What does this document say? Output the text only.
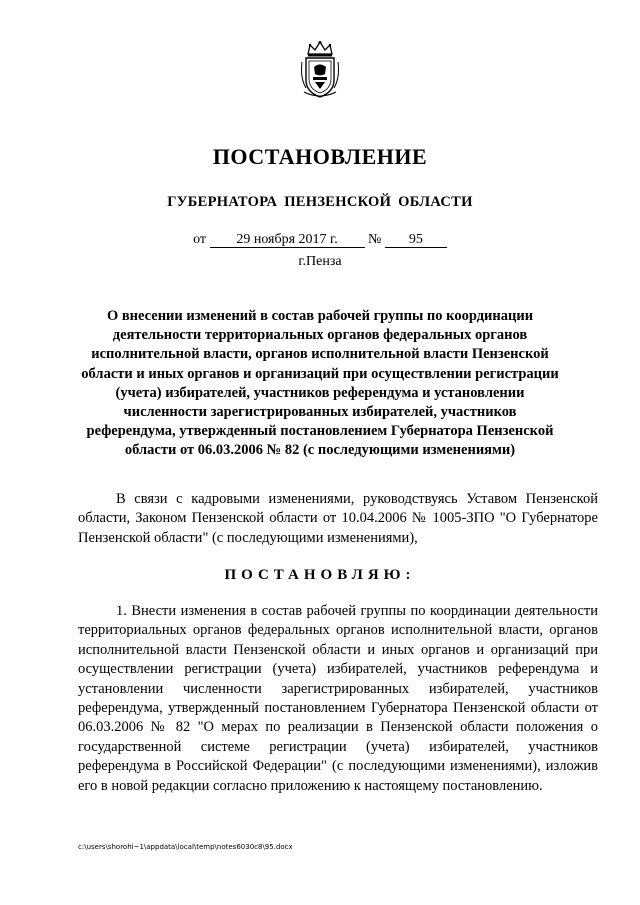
ПОСТАНОВЛЕНИЕ
ГУБЕРНАТОРА ПЕНЗЕНСКОЙ ОБЛАСТИ
от 29 ноября 2017 г. № 95
г.Пенза
О внесении изменений в состав рабочей группы по координации деятельности территориальных органов федеральных органов исполнительной власти, органов исполнительной власти Пензенской области и иных органов и организаций при осуществлении регистрации (учета) избирателей, участников референдума и установлении численности зарегистрированных избирателей, участников референдума, утвержденный постановлением Губернатора Пензенской области от 06.03.2006 № 82 (с последующими изменениями)
В связи с кадровыми изменениями, руководствуясь Уставом Пензенской области, Законом Пензенской области от 10.04.2006 № 1005-ЗПО "О Губернаторе Пензенской области" (с последующими изменениями),
ПОСТАНОВЛЯЮ:
1. Внести изменения в состав рабочей группы по координации деятельности территориальных органов федеральных органов исполнительной власти, органов исполнительной власти Пензенской области и иных органов и организаций при осуществлении регистрации (учета) избирателей, участников референдума и установлении численности зарегистрированных избирателей, участников референдума, утвержденный постановлением Губернатора Пензенской области от 06.03.2006 № 82 "О мерах по реализации в Пензенской области положения о государственной системе регистрации (учета) избирателей, участников референдума в Российской Федерации" (с последующими изменениями), изложив его в новой редакции согласно приложению к настоящему постановлению.
c:\users\shorohi~1\appdata\local\temp\notes6030c8\95.docx
